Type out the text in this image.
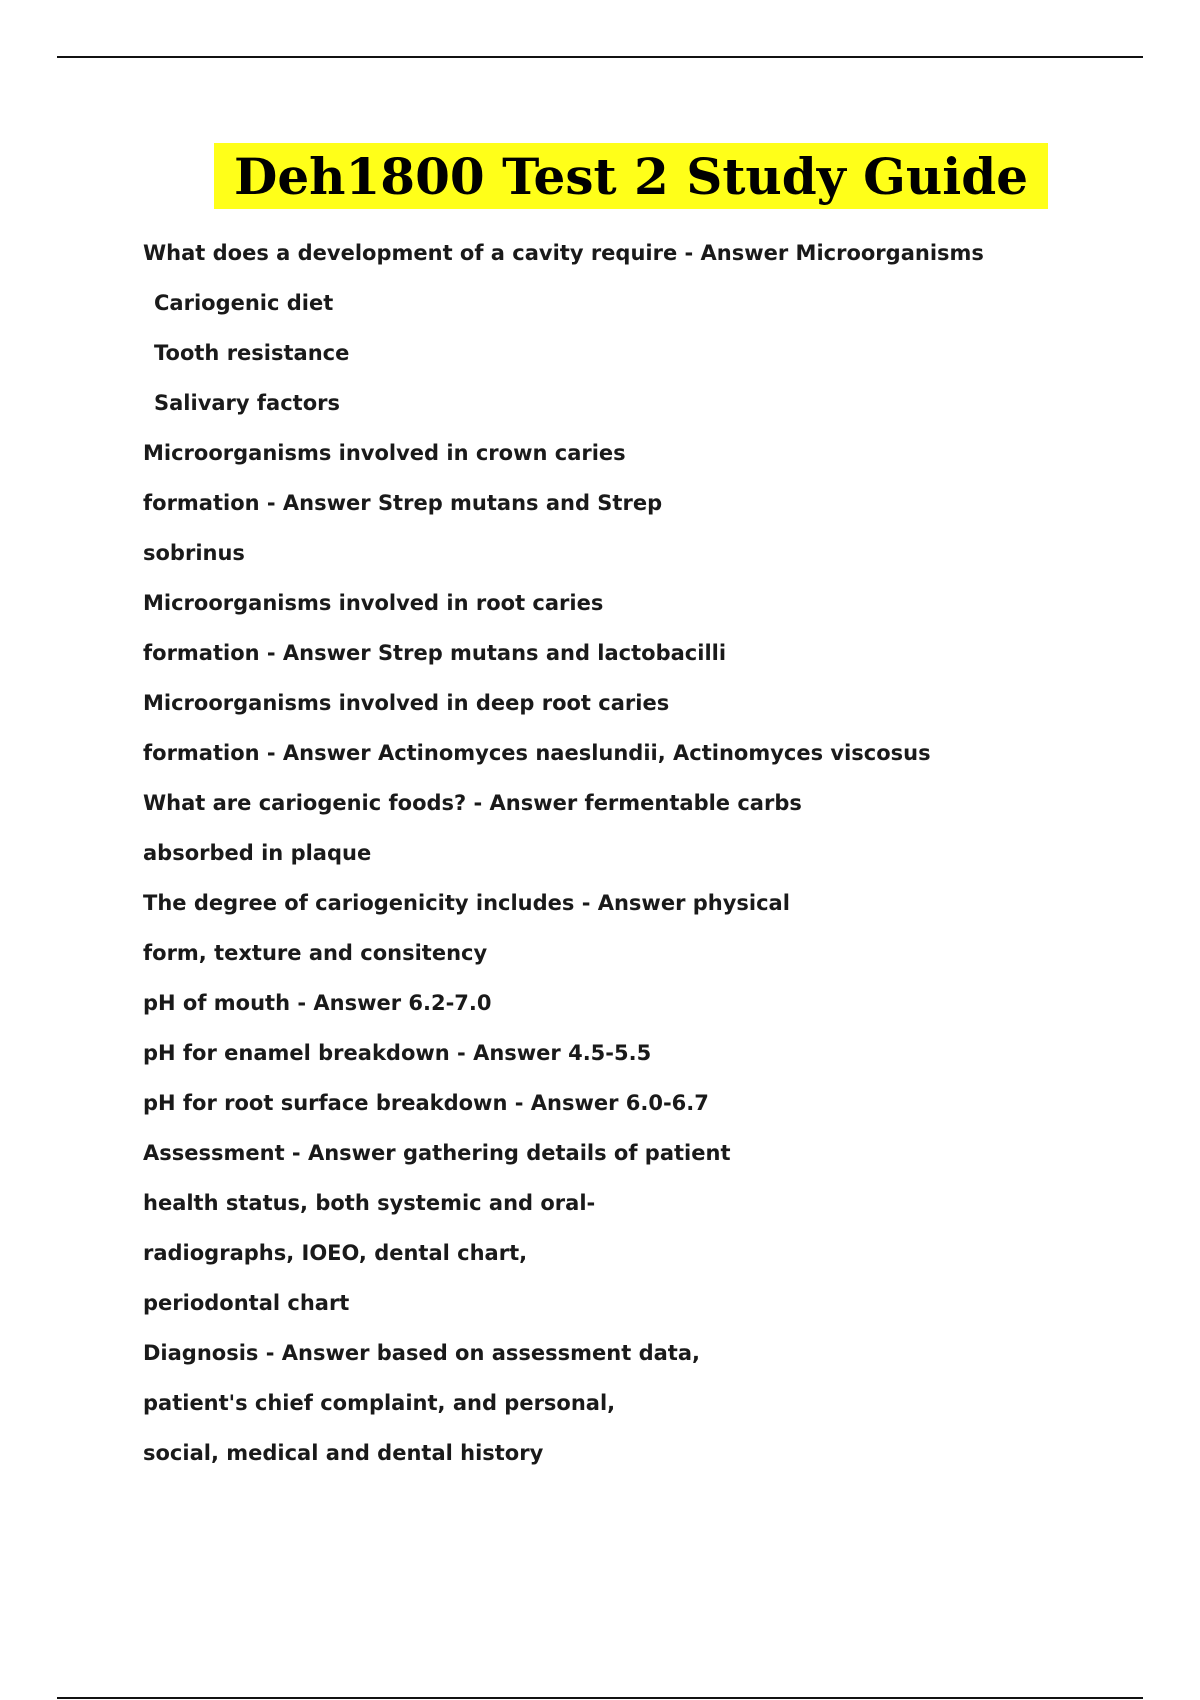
Deh1800 Test 2 Study Guide
What does a development of a cavity require - Answer Microorganisms
Cariogenic diet
Tooth resistance
Salivary factors
Microorganisms involved in crown caries
formation - Answer Strep mutans and Strep
sobrinus
Microorganisms involved in root caries
formation - Answer Strep mutans and lactobacilli
Microorganisms involved in deep root caries
formation - Answer Actinomyces naeslundii, Actinomyces viscosus
What are cariogenic foods? - Answer fermentable carbs
absorbed in plaque
The degree of cariogenicity includes - Answer physical
form, texture and consitency
pH of mouth - Answer 6.2-7.0
pH for enamel breakdown - Answer 4.5-5.5
pH for root surface breakdown - Answer 6.0-6.7
Assessment - Answer gathering details of patient
health status, both systemic and oral-
radiographs, IOEO, dental chart,
periodontal chart
Diagnosis - Answer based on assessment data,
patient's chief complaint, and personal,
social, medical and dental history
